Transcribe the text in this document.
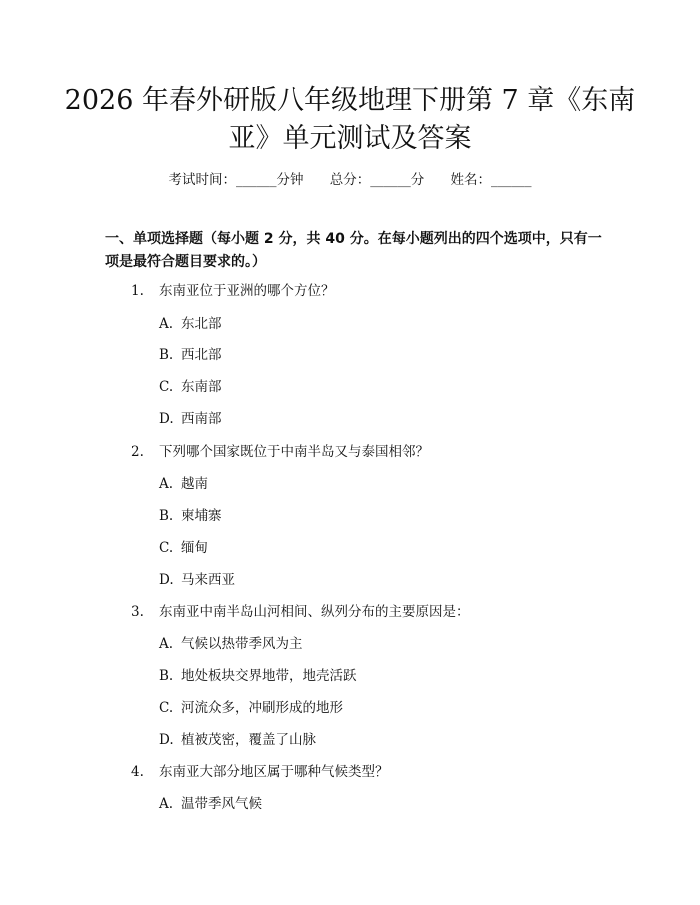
2026 年春外研版八年级地理下册第 7 章《东南亚》单元测试及答案
考试时间：______分钟 总分：______分 姓名：______

一、单项选择题（每小题 2 分，共 40 分。在每小题列出的四个选项中，只有一项是最符合题目要求的。）

1. 东南亚位于亚洲的哪个方位？
A. 东北部
B. 西北部
C. 东南部
D. 西南部
2. 下列哪个国家既位于中南半岛又与泰国相邻？
A. 越南
B. 柬埔寨
C. 缅甸
D. 马来西亚
3. 东南亚中南半岛山河相间、纵列分布的主要原因是：
A. 气候以热带季风为主
B. 地处板块交界地带，地壳活跃
C. 河流众多，冲刷形成的地形
D. 植被茂密，覆盖了山脉
4. 东南亚大部分地区属于哪种气候类型？
A. 温带季风气候
